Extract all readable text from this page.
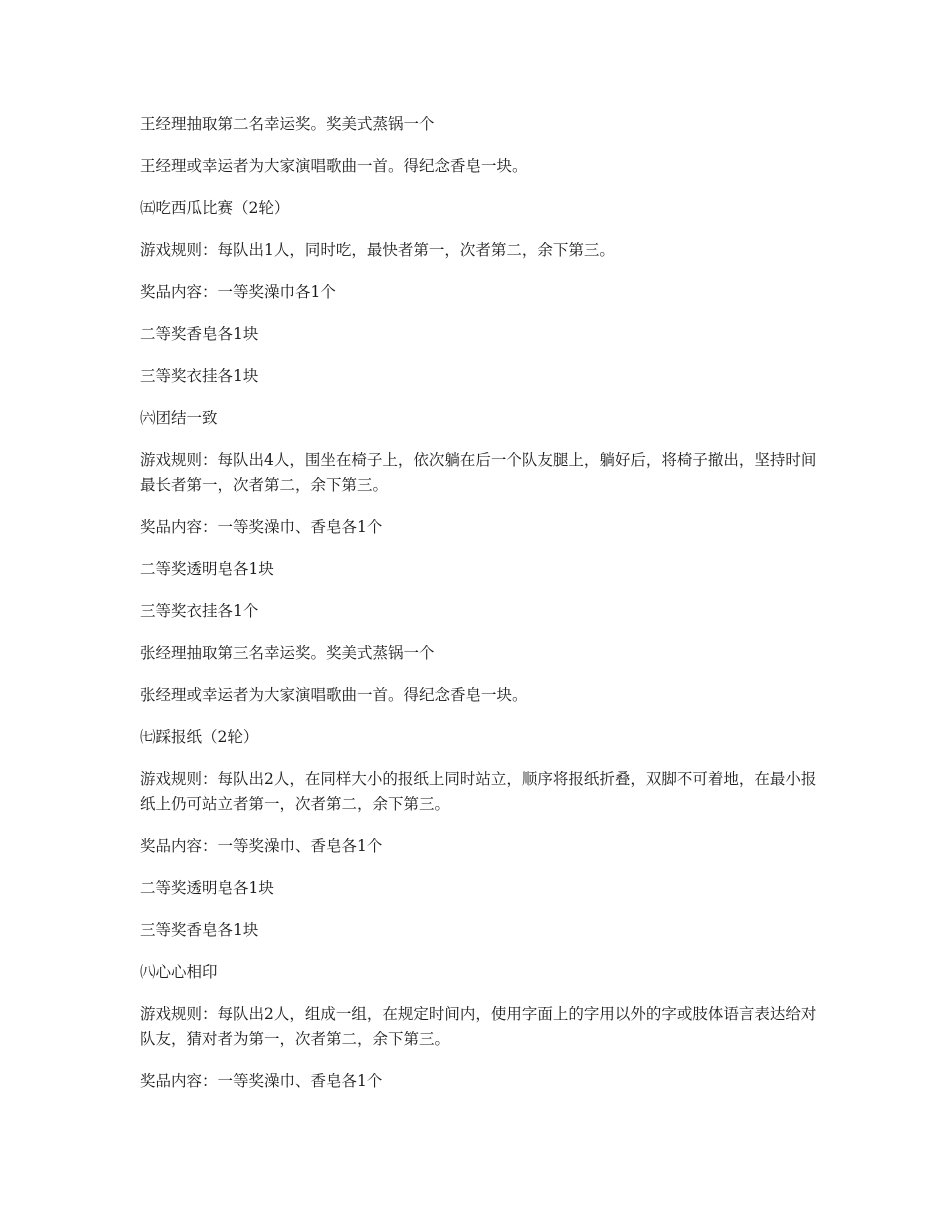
王经理抽取第二名幸运奖。奖美式蒸锅一个

王经理或幸运者为大家演唱歌曲一首。得纪念香皂一块。

㈤吃西瓜比赛（2轮）

游戏规则：每队出1人，同时吃，最快者第一，次者第二，余下第三。

奖品内容：一等奖澡巾各1个

二等奖香皂各1块

三等奖衣挂各1块

㈥团结一致

游戏规则：每队出4人，围坐在椅子上，依次躺在后一个队友腿上，躺好后，将椅子撤出，坚持时间最长者第一，次者第二，余下第三。

奖品内容：一等奖澡巾、香皂各1个

二等奖透明皂各1块

三等奖衣挂各1个

张经理抽取第三名幸运奖。奖美式蒸锅一个

张经理或幸运者为大家演唱歌曲一首。得纪念香皂一块。

㈦踩报纸（2轮）

游戏规则：每队出2人，在同样大小的报纸上同时站立，顺序将报纸折叠，双脚不可着地，在最小报纸上仍可站立者第一，次者第二，余下第三。

奖品内容：一等奖澡巾、香皂各1个

二等奖透明皂各1块

三等奖香皂各1块

㈧心心相印

游戏规则：每队出2人，组成一组，在规定时间内，使用字面上的字用以外的字或肢体语言表达给对队友，猜对者为第一，次者第二，余下第三。

奖品内容：一等奖澡巾、香皂各1个
